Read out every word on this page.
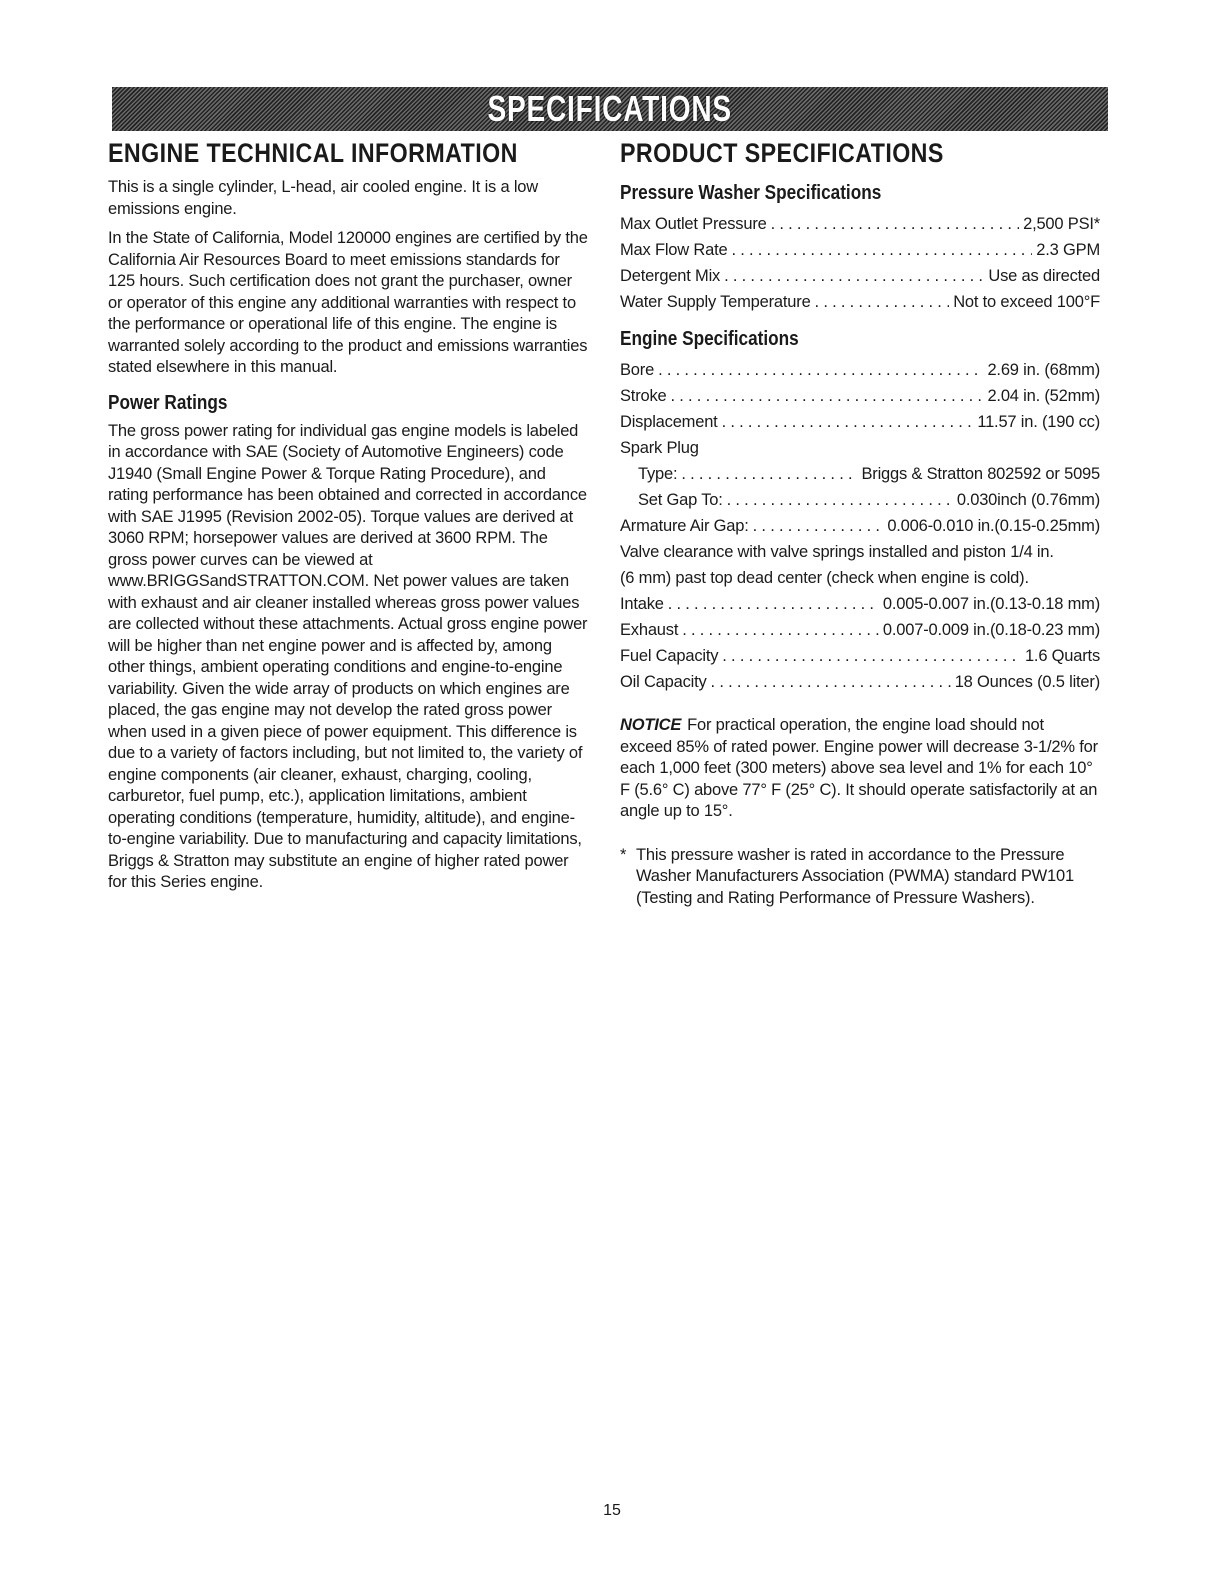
SPECIFICATIONS
ENGINE TECHNICAL INFORMATION

This is a single cylinder, L-head, air cooled engine. It is a low emissions engine.

In the State of California, Model 120000 engines are certified by the California Air Resources Board to meet emissions standards for 125 hours. Such certification does not grant the purchaser, owner or operator of this engine any additional warranties with respect to the performance or operational life of this engine. The engine is warranted solely according to the product and emissions warranties stated elsewhere in this manual.

Power Ratings

The gross power rating for individual gas engine models is labeled in accordance with SAE (Society of Automotive Engineers) code J1940 (Small Engine Power & Torque Rating Procedure), and rating performance has been obtained and corrected in accordance with SAE J1995 (Revision 2002-05). Torque values are derived at 3060 RPM; horsepower values are derived at 3600 RPM. The gross power curves can be viewed at www.BRIGGSandSTRATTON.COM. Net power values are taken with exhaust and air cleaner installed whereas gross power values are collected without these attachments. Actual gross engine power will be higher than net engine power and is affected by, among other things, ambient operating conditions and engine-to-engine variability. Given the wide array of products on which engines are placed, the gas engine may not develop the rated gross power when used in a given piece of power equipment. This difference is due to a variety of factors including, but not limited to, the variety of engine components (air cleaner, exhaust, charging, cooling, carburetor, fuel pump, etc.), application limitations, ambient operating conditions (temperature, humidity, altitude), and engine-to-engine variability. Due to manufacturing and capacity limitations, Briggs & Stratton may substitute an engine of higher rated power for this Series engine.

PRODUCT SPECIFICATIONS
Pressure Washer Specifications
Max Outlet Pressure . . .	2,500 PSI*
Max Flow Rate . . .	2.3 GPM
Detergent Mix . . .	Use as directed
Water Supply Temperature . . .	Not to exceed 100°F
Engine Specifications
Bore . . .	2.69 in. (68mm)
Stroke . . .	2.04 in. (52mm)
Displacement . . .	11.57 in. (190 cc)
Spark Plug
Type: . . .	Briggs & Stratton 802592 or 5095
Set Gap To: . . .	0.030inch (0.76mm)
Armature Air Gap: . . .	0.006-0.010 in.(0.15-0.25mm)
Valve clearance with valve springs installed and piston 1/4 in.
(6 mm) past top dead center (check when engine is cold).
Intake . . .	0.005-0.007 in.(0.13-0.18 mm)
Exhaust . . .	0.007-0.009 in.(0.18-0.23 mm)
Fuel Capacity . . .	1.6 Quarts
Oil Capacity . . .	18 Ounces (0.5 liter)
NOTICE For practical operation, the engine load should not exceed 85% of rated power. Engine power will decrease 3-1/2% for each 1,000 feet (300 meters) above sea level and 1% for each 10° F (5.6° C) above 77° F (25° C). It should operate satisfactorily at an angle up to 15°.
* This pressure washer is rated in accordance to the Pressure Washer Manufacturers Association (PWMA) standard PW101 (Testing and Rating Performance of Pressure Washers).
15
